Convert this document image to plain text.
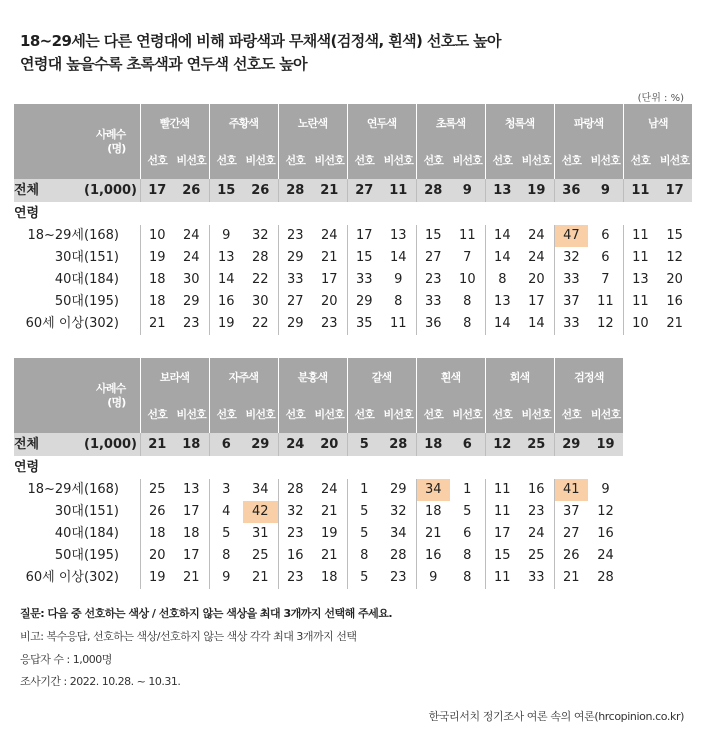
18~29세는 다른 연령대에 비해 파랑색과 무채색(검정색, 흰색) 선호도 높아
연령대 높을수록 초록색과 연두색 선호도 높아
(단위 : %)
	사례수
(명)	빨간색		주황색		노란색		연두색		초록색		청록색		파랑색		남색	
		선호	비선호	선호	비선호	선호	비선호	선호	비선호	선호	비선호	선호	비선호	선호	비선호	선호	비선호
전체	(1,000)	17	26	15	26	28	21	27	11	28	9	13	19	36	9	11	17
연령																	
18~29세	(168)	10	24	9	32	23	24	17	13	15	11	14	24	47	6	11	15
30대	(151)	19	24	13	28	29	21	15	14	27	7	14	24	32	6	11	12
40대	(184)	18	30	14	22	33	17	33	9	23	10	8	20	33	7	13	20
50대	(195)	18	29	16	30	27	20	29	8	33	8	13	17	37	11	11	16
60세 이상	(302)	21	23	19	22	29	23	35	11	36	8	14	14	33	12	10	21
	사례수
(명)	보라색		자주색		분홍색		갈색		흰색		회색		검정색	
		선호	비선호	선호	비선호	선호	비선호	선호	비선호	선호	비선호	선호	비선호	선호	비선호
전체	(1,000)	21	18	6	29	24	20	5	28	18	6	12	25	29	19
연령															
18~29세	(168)	25	13	3	34	28	24	1	29	34	1	11	16	41	9
30대	(151)	26	17	4	42	32	21	5	32	18	5	11	23	37	12
40대	(184)	18	18	5	31	23	19	5	34	21	6	17	24	27	16
50대	(195)	20	17	8	25	16	21	8	28	16	8	15	25	26	24
60세 이상	(302)	19	21	9	21	23	18	5	23	9	8	11	33	21	28
질문: 다음 중 선호하는 색상 / 선호하지 않는 색상을 최대 3개까지 선택해 주세요.
비고: 복수응답, 선호하는 색상/선호하지 않는 색상 각각 최대 3개까지 선택
응답자 수 : 1,000명
조사기간 : 2022. 10.28. ~ 10.31.
한국리서치 정기조사 여론 속의 여론(hrcopinion.co.kr)
